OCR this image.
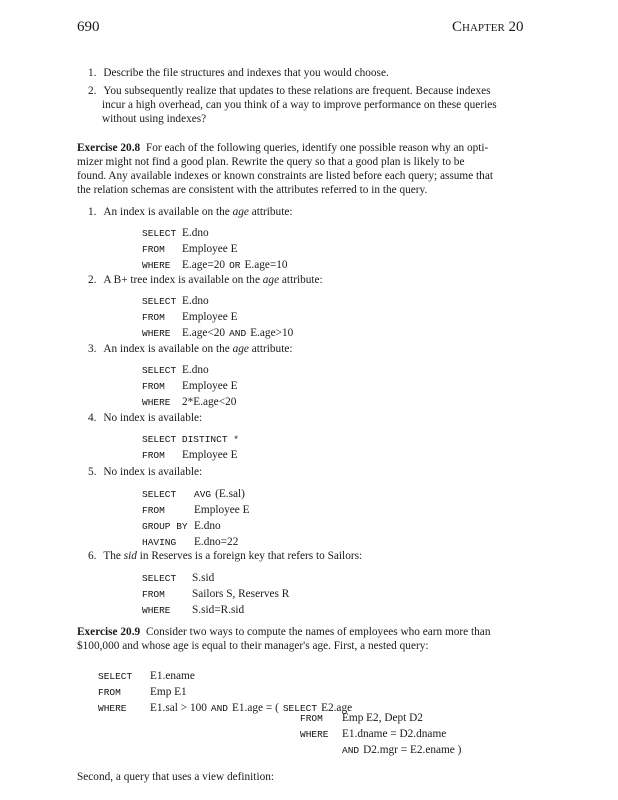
690	Chapter 20
1. Describe the file structures and indexes that you would choose.
2. You subsequently realize that updates to these relations are frequent. Because indexes
incur a high overhead, can you think of a way to improve performance on these queries
without using indexes?
Exercise 20.8 For each of the following queries, identify one possible reason why an opti-
mizer might not find a good plan. Rewrite the query so that a good plan is likely to be
found. Any available indexes or known constraints are listed before each query; assume that
the relation schemas are consistent with the attributes referred to in the query.
1. An index is available on the age attribute:
SELECT E.dno
FROM Employee E
WHERE E.age=20 OR E.age=10
2. A B+ tree index is available on the age attribute:
SELECT E.dno
FROM Employee E
WHERE E.age<20 AND E.age>10
3. An index is available on the age attribute:
SELECT E.dno
FROM Employee E
WHERE 2*E.age<20
4. No index is available:
SELECT DISTINCT *
FROM Employee E
5. No index is available:
SELECT AVG (E.sal)
FROM	Employee E
GROUP BY E.dno
HAVING E.dno=22
6. The sid in Reserves is a foreign key that refers to Sailors:
SELECT S.sid
FROM Sailors S, Reserves R
WHERE S.sid=R.sid
Exercise 20.9 Consider two ways to compute the names of employees who earn more than
$100,000 and whose age is equal to their manager's age. First, a nested query:
SELECT E1.ename
FROM	Emp E1
WHERE E1.sal > 100 AND E1.age = ( SELECT E2.age
FROM Emp E2, Dept D2
WHERE E1.dname = D2.dname
AND D2.mgr = E2.ename )
Second, a query that uses a view definition:
